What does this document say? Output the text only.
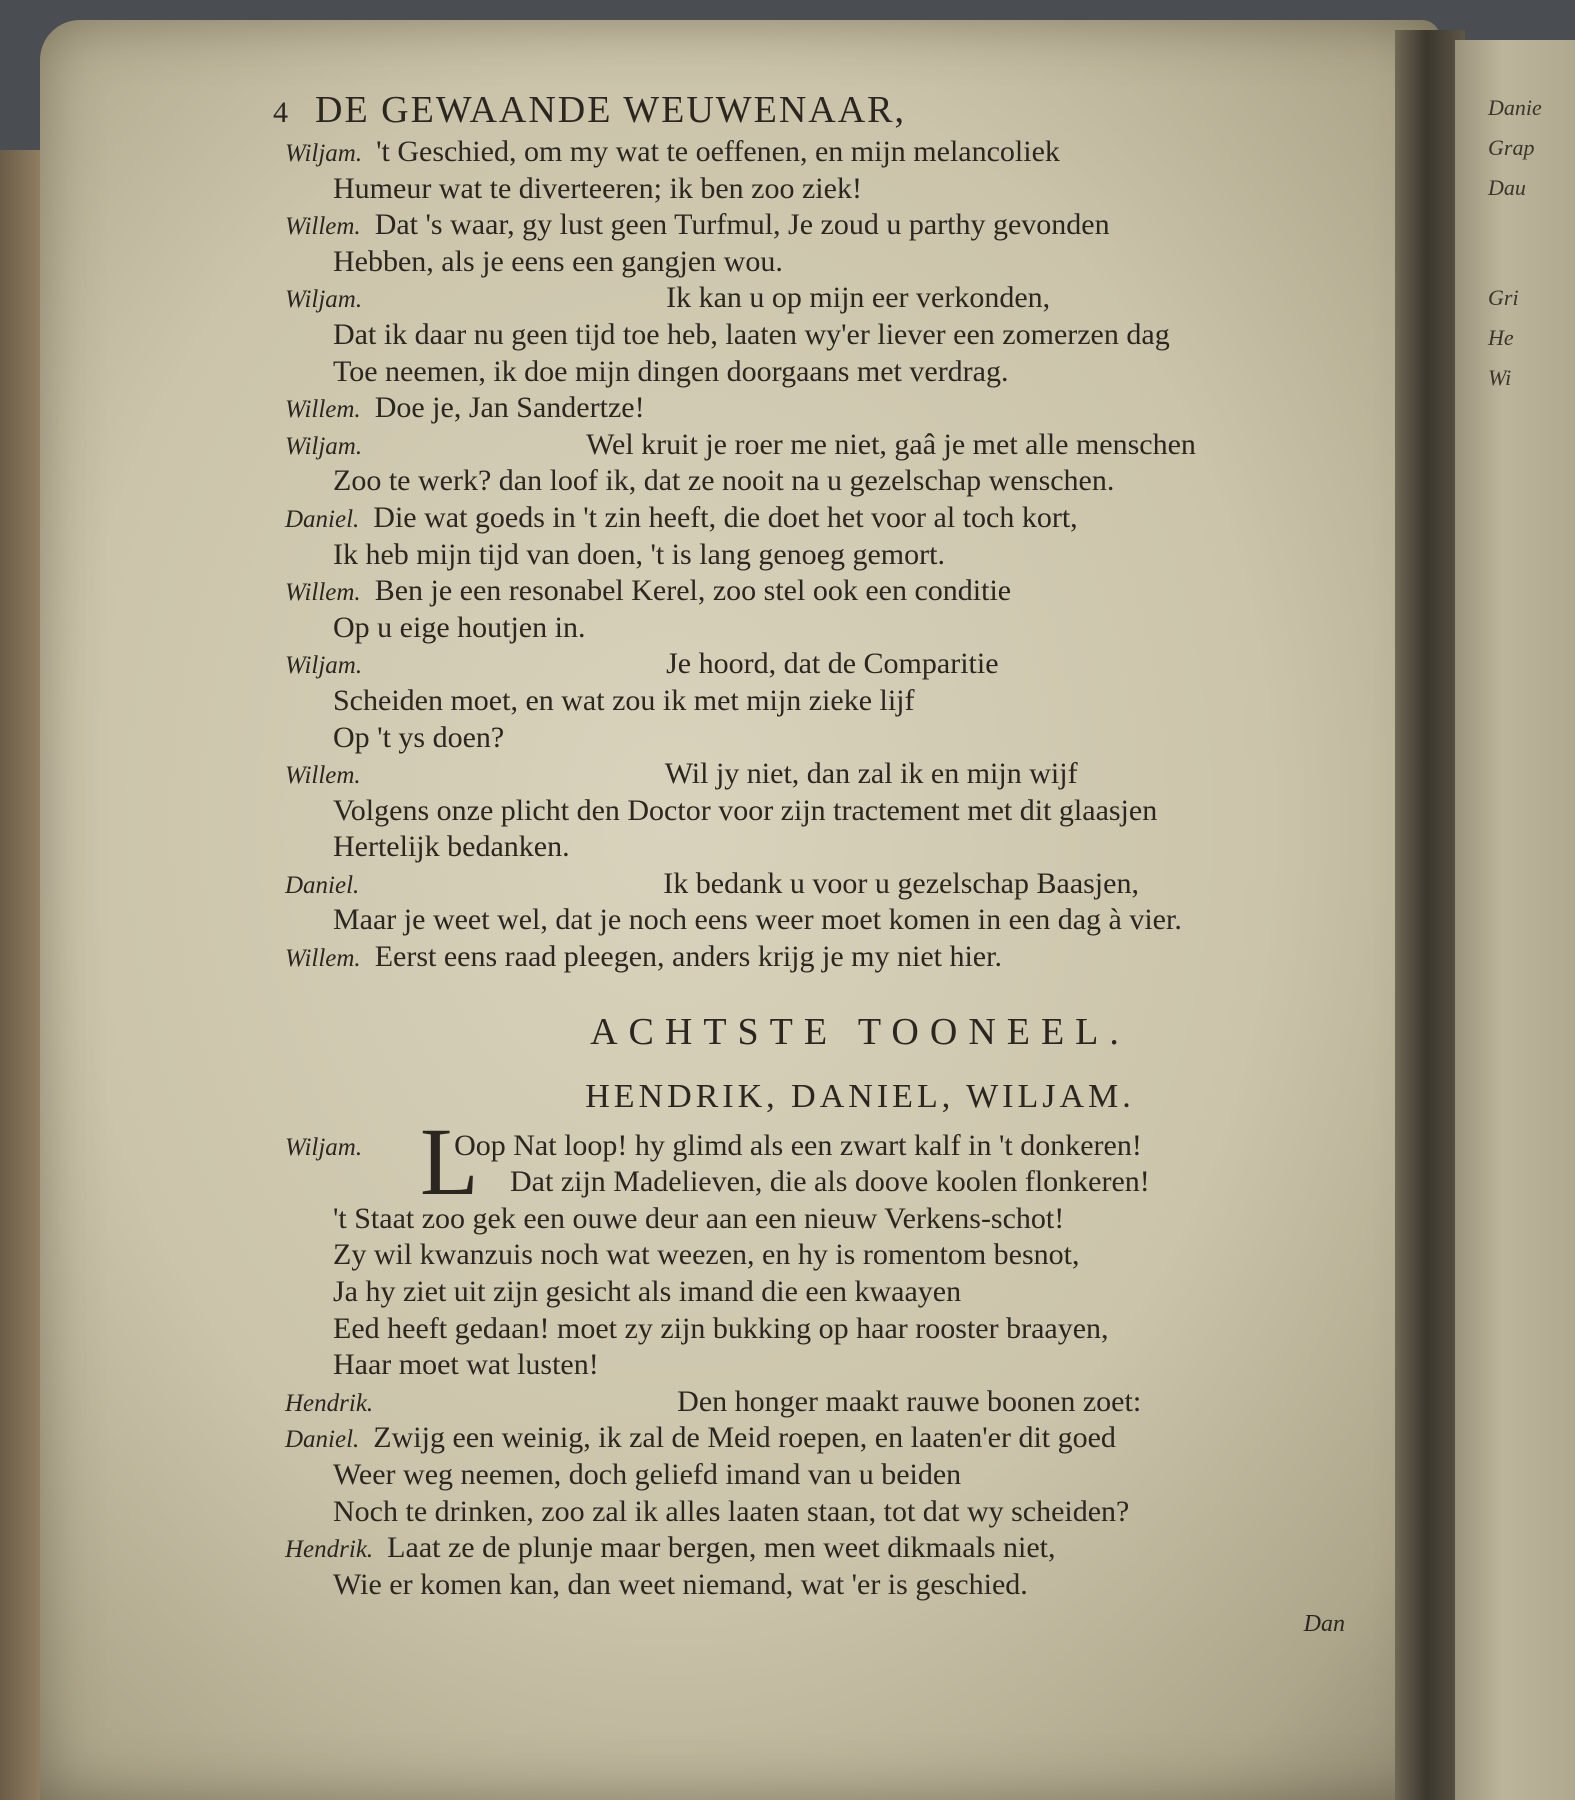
Danie
Grap
Dau
Gri
He
Wi
4 DE GEWAANDE WEUWENAAR,
Wiljam. 't Geschied, om my wat te oeffenen, en mijn melancoliek
Humeur wat te diverteeren; ik ben zoo ziek!
Willem. Dat 's waar, gy lust geen Turfmul, Je zoud u parthy gevonden
Hebben, als je eens een gangjen wou.
Wiljam.	Ik kan u op mijn eer verkonden,
Dat ik daar nu geen tijd toe heb, laaten wy'er liever een zomerzen dag
Toe neemen, ik doe mijn dingen doorgaans met verdrag.
Willem. Doe je, Jan Sandertze!
Wiljam.	Wel kruit je roer me niet, gaâ je met alle menschen
Zoo te werk? dan loof ik, dat ze nooit na u gezelschap wenschen.
Daniel. Die wat goeds in 't zin heeft, die doet het voor al toch kort,
Ik heb mijn tijd van doen, 't is lang genoeg gemort.
Willem. Ben je een resonabel Kerel, zoo stel ook een conditie
Op u eige houtjen in.
Wiljam.	Je hoord, dat de Comparitie
Scheiden moet, en wat zou ik met mijn zieke lijf
Op 't ys doen?
Willem.	Wil jy niet, dan zal ik en mijn wijf
Volgens onze plicht den Doctor voor zijn tractement met dit glaasjen
Hertelijk bedanken.
Daniel.	Ik bedank u voor u gezelschap Baasjen,
Maar je weet wel, dat je noch eens weer moet komen in een dag à vier.
Willem. Eerst eens raad pleegen, anders krijg je my niet hier.
ACHTSTE TOONEEL.
HENDRIK, DANIEL, WILJAM.
Wiljam. L
Oop Nat loop! hy glimd als een zwart kalf in 't donkeren!
Dat zijn Madelieven, die als doove koolen flonkeren!
't Staat zoo gek een ouwe deur aan een nieuw Verkens-schot!
Zy wil kwanzuis noch wat weezen, en hy is romentom besnot,
Ja hy ziet uit zijn gesicht als imand die een kwaayen
Eed heeft gedaan! moet zy zijn bukking op haar rooster braayen,
Haar moet wat lusten!
Hendrik.	Den honger maakt rauwe boonen zoet:
Daniel. Zwijg een weinig, ik zal de Meid roepen, en laaten'er dit goed
Weer weg neemen, doch geliefd imand van u beiden
Noch te drinken, zoo zal ik alles laaten staan, tot dat wy scheiden?
Hendrik. Laat ze de plunje maar bergen, men weet dikmaals niet,
Wie er komen kan, dan weet niemand, wat 'er is geschied.
Dan
